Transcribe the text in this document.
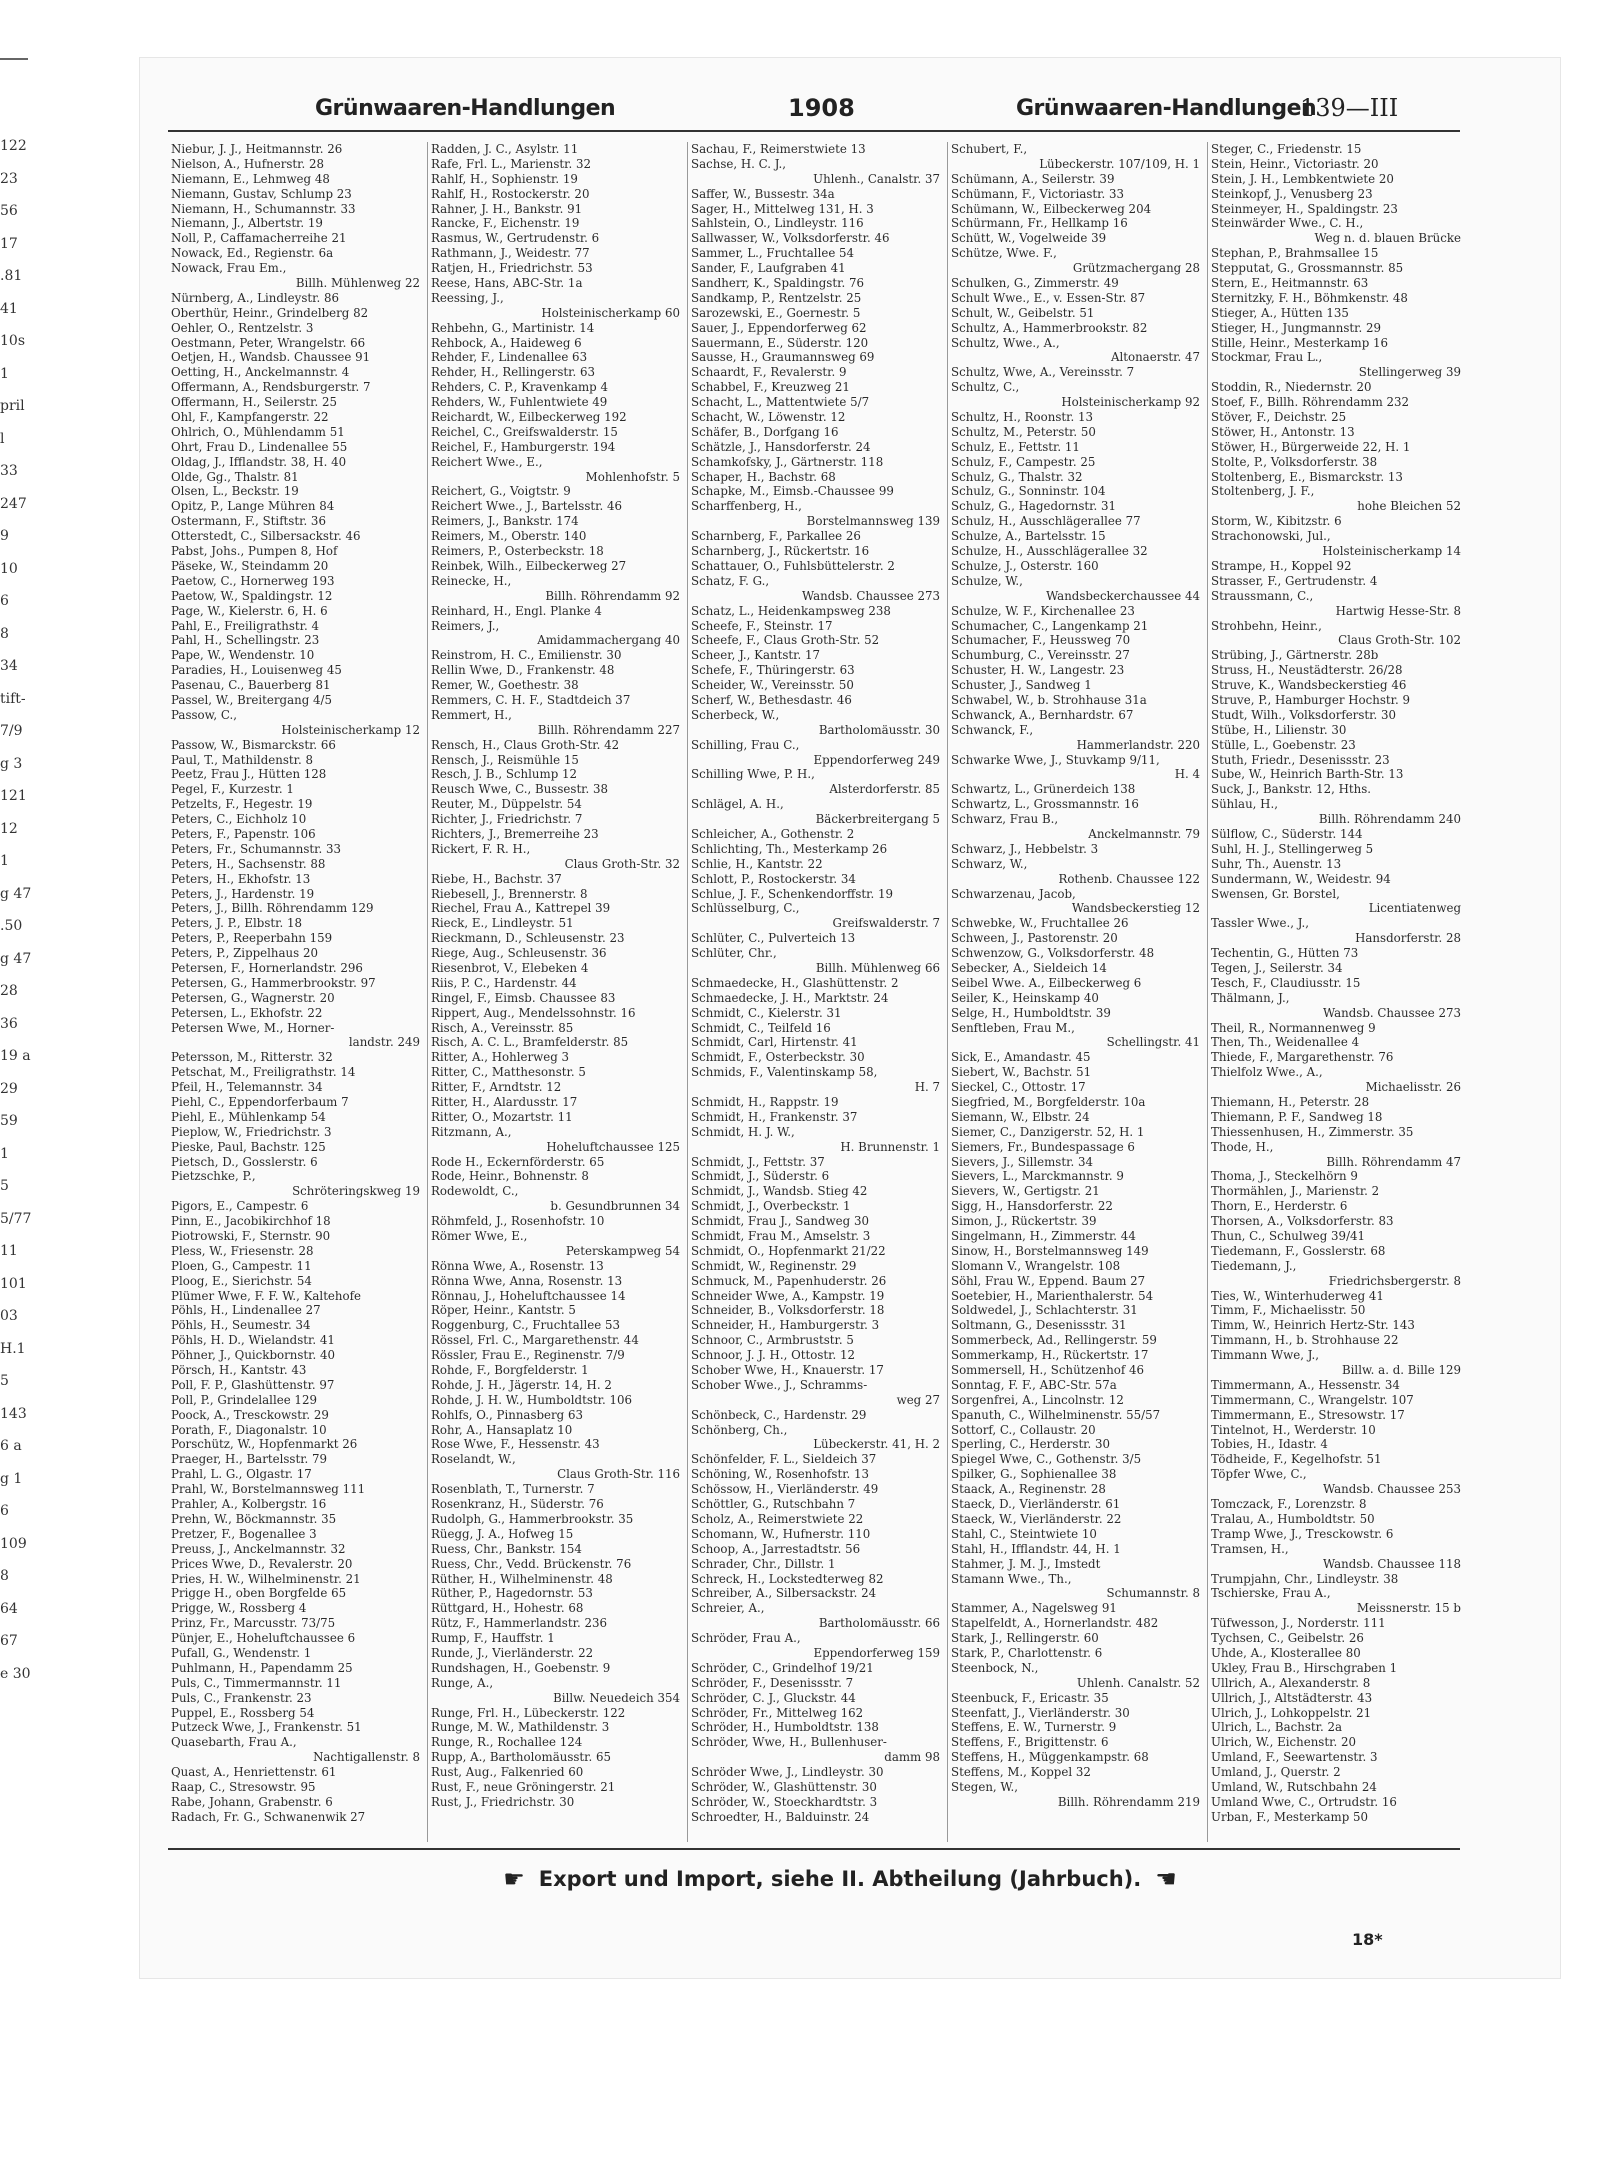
122
23
56
17
.81
41
10s
1
pril
l
33
247
9
10
6
8
34
tift-
7/9
g 3
121
12
1
g 47
.50
g 47
28
36
19 a
29
59
1
5
5/77
11
101
03
H.1
5
143
6 a
g 1
6
109
8
64
67
e 30
Grünwaaren-Handlungen	1908	Grünwaaren-Handlungen
139—III
Niebur, J. J., Heitmannstr. 26
Nielson, A., Hufnerstr. 28
Niemann, E., Lehmweg 48
Niemann, Gustav, Schlump 23
Niemann, H., Schumannstr. 33
Niemann, J., Albertstr. 19
Noll, P., Caffamacherreihe 21
Nowack, Ed., Regienstr. 6a
Nowack, Frau Em.,
Billh. Mühlenweg 22
Nürnberg, A., Lindleystr. 86
Oberthür, Heinr., Grindelberg 82
Oehler, O., Rentzelstr. 3
Oestmann, Peter, Wrangelstr. 66
Oetjen, H., Wandsb. Chaussee 91
Oetting, H., Anckelmannstr. 4
Offermann, A., Rendsburgerstr. 7
Offermann, H., Seilerstr. 25
Ohl, F., Kampfangerstr. 22
Ohlrich, O., Mühlendamm 51
Ohrt, Frau D., Lindenallee 55
Oldag, J., Ifflandstr. 38, H. 40
Olde, Gg., Thalstr. 81
Olsen, L., Beckstr. 19
Opitz, P., Lange Mühren 84
Ostermann, F., Stiftstr. 36
Otterstedt, C., Silbersackstr. 46
Pabst, Johs., Pumpen 8, Hof
Päseke, W., Steindamm 20
Paetow, C., Hornerweg 193
Paetow, W., Spaldingstr. 12
Page, W., Kielerstr. 6, H. 6
Pahl, E., Freiligrathstr. 4
Pahl, H., Schellingstr. 23
Pape, W., Wendenstr. 10
Paradies, H., Louisenweg 45
Pasenau, C., Bauerberg 81
Passel, W., Breitergang 4/5
Passow, C.,
Holsteinischerkamp 12
Passow, W., Bismarckstr. 66
Paul, T., Mathildenstr. 8
Peetz, Frau J., Hütten 128
Pegel, F., Kurzestr. 1
Petzelts, F., Hegestr. 19
Peters, C., Eichholz 10
Peters, F., Papenstr. 106
Peters, Fr., Schumannstr. 33
Peters, H., Sachsenstr. 88
Peters, H., Ekhofstr. 13
Peters, J., Hardenstr. 19
Peters, J., Billh. Röhrendamm 129
Peters, J. P., Elbstr. 18
Peters, P., Reeperbahn 159
Peters, P., Zippelhaus 20
Petersen, F., Hornerlandstr. 296
Petersen, G., Hammerbrookstr. 97
Petersen, G., Wagnerstr. 20
Petersen, L., Ekhofstr. 22
Petersen Wwe, M., Horner-
landstr. 249
Petersson, M., Ritterstr. 32
Petschat, M., Freiligrathstr. 14
Pfeil, H., Telemannstr. 34
Piehl, C., Eppendorferbaum 7
Piehl, E., Mühlenkamp 54
Pieplow, W., Friedrichstr. 3
Pieske, Paul, Bachstr. 125
Pietsch, D., Gosslerstr. 6
Pietzschke, P.,
Schröteringskweg 19
Pigors, E., Campestr. 6
Pinn, E., Jacobikirchhof 18
Piotrowski, F., Sternstr. 90
Pless, W., Friesenstr. 28
Ploen, G., Campestr. 11
Ploog, E., Sierichstr. 54
Plümer Wwe, F. F. W., Kaltehofe
Pöhls, H., Lindenallee 27
Pöhls, H., Seumestr. 34
Pöhls, H. D., Wielandstr. 41
Pöhner, J., Quickbornstr. 40
Pörsch, H., Kantstr. 43
Poll, F. P., Glashüttenstr. 97
Poll, P., Grindelallee 129
Poock, A., Tresckowstr. 29
Porath, F., Diagonalstr. 10
Porschütz, W., Hopfenmarkt 26
Praeger, H., Bartelsstr. 79
Prahl, L. G., Olgastr. 17
Prahl, W., Borstelmannsweg 111
Prahler, A., Kolbergstr. 16
Prehn, W., Böckmannstr. 35
Pretzer, F., Bogenallee 3
Preuss, J., Anckelmannstr. 32
Prices Wwe, D., Revalerstr. 20
Pries, H. W., Wilhelminenstr. 21
Prigge H., oben Borgfelde 65
Prigge, W., Rossberg 4
Prinz, Fr., Marcusstr. 73/75
Pünjer, E., Hoheluftchaussee 6
Pufall, G., Wendenstr. 1
Puhlmann, H., Papendamm 25
Puls, C., Timmermannstr. 11
Puls, C., Frankenstr. 23
Puppel, E., Rossberg 54
Putzeck Wwe, J., Frankenstr. 51
Quasebarth, Frau A.,
Nachtigallenstr. 8
Quast, A., Henriettenstr. 61
Raap, C., Stresowstr. 95
Rabe, Johann, Grabenstr. 6
Radach, Fr. G., Schwanenwik 27
Radden, J. C., Asylstr. 11
Rafe, Frl. L., Marienstr. 32
Rahlf, H., Sophienstr. 19
Rahlf, H., Rostockerstr. 20
Rahner, J. H., Bankstr. 91
Rancke, F., Eichenstr. 19
Rasmus, W., Gertrudenstr. 6
Rathmann, J., Weidestr. 77
Ratjen, H., Friedrichstr. 53
Reese, Hans, ABC-Str. 1a
Reessing, J.,
Holsteinischerkamp 60
Rehbehn, G., Martinistr. 14
Rehbock, A., Haideweg 6
Rehder, F., Lindenallee 63
Rehder, H., Rellingerstr. 63
Rehders, C. P., Kravenkamp 4
Rehders, W., Fuhlentwiete 49
Reichardt, W., Eilbeckerweg 192
Reichel, C., Greifswalderstr. 15
Reichel, F., Hamburgerstr. 194
Reichert Wwe., E.,
Mohlenhofstr. 5
Reichert, G., Voigtstr. 9
Reichert Wwe., J., Bartelsstr. 46
Reimers, J., Bankstr. 174
Reimers, M., Oberstr. 140
Reimers, P., Osterbeckstr. 18
Reinbek, Wilh., Eilbeckerweg 27
Reinecke, H.,
Billh. Röhrendamm 92
Reinhard, H., Engl. Planke 4
Reimers, J.,
Amidammachergang 40
Reinstrom, H. C., Emilienstr. 30
Rellin Wwe, D., Frankenstr. 48
Remer, W., Goethestr. 38
Remmers, C. H. F., Stadtdeich 37
Remmert, H.,
Billh. Röhrendamm 227
Rensch, H., Claus Groth-Str. 42
Rensch, J., Reismühle 15
Resch, J. B., Schlump 12
Reusch Wwe, C., Bussestr. 38
Reuter, M., Düppelstr. 54
Richter, J., Friedrichstr. 7
Richters, J., Bremerreihe 23
Rickert, F. R. H.,
Claus Groth-Str. 32
Riebe, H., Bachstr. 37
Riebesell, J., Brennerstr. 8
Riechel, Frau A., Kattrepel 39
Rieck, E., Lindleystr. 51
Rieckmann, D., Schleusenstr. 23
Riege, Aug., Schleusenstr. 36
Riesenbrot, V., Elebeken 4
Riis, P. C., Hardenstr. 44
Ringel, F., Eimsb. Chaussee 83
Rippert, Aug., Mendelssohnstr. 16
Risch, A., Vereinsstr. 85
Risch, A. C. L., Bramfelderstr. 85
Ritter, A., Hohlerweg 3
Ritter, C., Matthesonstr. 5
Ritter, F., Arndtstr. 12
Ritter, H., Alardusstr. 17
Ritter, O., Mozartstr. 11
Ritzmann, A.,
Hoheluftchaussee 125
Rode H., Eckernförderstr. 65
Rode, Heinr., Bohnenstr. 8
Rodewoldt, C.,
b. Gesundbrunnen 34
Röhmfeld, J., Rosenhofstr. 10
Römer Wwe, E.,
Peterskampweg 54
Rönna Wwe, A., Rosenstr. 13
Rönna Wwe, Anna, Rosenstr. 13
Rönnau, J., Hoheluftchaussee 14
Röper, Heinr., Kantstr. 5
Roggenburg, C., Fruchtallee 53
Rössel, Frl. C., Margarethenstr. 44
Rössler, Frau E., Reginenstr. 7/9
Rohde, F., Borgfelderstr. 1
Rohde, J. H., Jägerstr. 14, H. 2
Rohde, J. H. W., Humboldtstr. 106
Rohlfs, O., Pinnasberg 63
Rohr, A., Hansaplatz 10
Rose Wwe, F., Hessenstr. 43
Roselandt, W.,
Claus Groth-Str. 116
Rosenblath, T., Turnerstr. 7
Rosenkranz, H., Süderstr. 76
Rudolph, G., Hammerbrookstr. 35
Rüegg, J. A., Hofweg 15
Ruess, Chr., Bankstr. 154
Ruess, Chr., Vedd. Brückenstr. 76
Rüther, H., Wilhelminenstr. 48
Rüther, P., Hagedornstr. 53
Rüttgard, H., Hohestr. 68
Rütz, F., Hammerlandstr. 236
Rump, F., Hauffstr. 1
Runde, J., Vierländerstr. 22
Rundshagen, H., Goebenstr. 9
Runge, A.,
Billw. Neuedeich 354
Runge, Frl. H., Lübeckerstr. 122
Runge, M. W., Mathildenstr. 3
Runge, R., Rochallee 124
Rupp, A., Bartholomäusstr. 65
Rust, Aug., Falkenried 60
Rust, F., neue Gröningerstr. 21
Rust, J., Friedrichstr. 30
Sachau, F., Reimerstwiete 13
Sachse, H. C. J.,
Uhlenh., Canalstr. 37
Saffer, W., Bussestr. 34a
Sager, H., Mittelweg 131, H. 3
Sahlstein, O., Lindleystr. 116
Sallwasser, W., Volksdorferstr. 46
Sammer, L., Fruchtallee 54
Sander, F., Laufgraben 41
Sandherr, K., Spaldingstr. 76
Sandkamp, P., Rentzelstr. 25
Sarozewski, E., Goernestr. 5
Sauer, J., Eppendorferweg 62
Sauermann, E., Süderstr. 120
Sausse, H., Graumannsweg 69
Schaardt, F., Revalerstr. 9
Schabbel, F., Kreuzweg 21
Schacht, L., Mattentwiete 5/7
Schacht, W., Löwenstr. 12
Schäfer, B., Dorfgang 16
Schätzle, J., Hansdorferstr. 24
Schamkofsky, J., Gärtnerstr. 118
Schaper, H., Bachstr. 68
Schapke, M., Eimsb.-Chaussee 99
Scharffenberg, H.,
Borstelmannsweg 139
Scharnberg, F., Parkallee 26
Scharnberg, J., Rückertstr. 16
Schattauer, O., Fuhlsbüttelerstr. 2
Schatz, F. G.,
Wandsb. Chaussee 273
Schatz, L., Heidenkampsweg 238
Scheefe, F., Steinstr. 17
Scheefe, F., Claus Groth-Str. 52
Scheer, J., Kantstr. 17
Schefe, F., Thüringerstr. 63
Scheider, W., Vereinsstr. 50
Scherf, W., Bethesdastr. 46
Scherbeck, W.,
Bartholomäusstr. 30
Schilling, Frau C.,
Eppendorferweg 249
Schilling Wwe, P. H.,
Alsterdorferstr. 85
Schlägel, A. H.,
Bäckerbreitergang 5
Schleicher, A., Gothenstr. 2
Schlichting, Th., Mesterkamp 26
Schlie, H., Kantstr. 22
Schlott, P., Rostockerstr. 34
Schlue, J. F., Schenkendorffstr. 19
Schlüsselburg, C.,
Greifswalderstr. 7
Schlüter, C., Pulverteich 13
Schlüter, Chr.,
Billh. Mühlenweg 66
Schmaedecke, H., Glashüttenstr. 2
Schmaedecke, J. H., Marktstr. 24
Schmidt, C., Kielerstr. 31
Schmidt, C., Teilfeld 16
Schmidt, Carl, Hirtenstr. 41
Schmidt, F., Osterbeckstr. 30
Schmids, F., Valentinskamp 58,
H. 7
Schmidt, H., Rappstr. 19
Schmidt, H., Frankenstr. 37
Schmidt, H. J. W.,
H. Brunnenstr. 1
Schmidt, J., Fettstr. 37
Schmidt, J., Süderstr. 6
Schmidt, J., Wandsb. Stieg 42
Schmidt, J., Overbeckstr. 1
Schmidt, Frau J., Sandweg 30
Schmidt, Frau M., Amselstr. 3
Schmidt, O., Hopfenmarkt 21/22
Schmidt, W., Reginenstr. 29
Schmuck, M., Papenhuderstr. 26
Schneider Wwe, A., Kampstr. 19
Schneider, B., Volksdorferstr. 18
Schneider, H., Hamburgerstr. 3
Schnoor, C., Armbruststr. 5
Schnoor, J. J. H., Ottostr. 12
Schober Wwe, H., Knauerstr. 17
Schober Wwe., J., Schramms-
weg 27
Schönbeck, C., Hardenstr. 29
Schönberg, Ch.,
Lübeckerstr. 41, H. 2
Schönfelder, F. L., Sieldeich 37
Schöning, W., Rosenhofstr. 13
Schössow, H., Vierländerstr. 49
Schöttler, G., Rutschbahn 7
Scholz, A., Reimerstwiete 22
Schomann, W., Hufnerstr. 110
Schoop, A., Jarrestadtstr. 56
Schrader, Chr., Dillstr. 1
Schreck, H., Lockstedterweg 82
Schreiber, A., Silbersackstr. 24
Schreier, A.,
Bartholomäusstr. 66
Schröder, Frau A.,
Eppendorferweg 159
Schröder, C., Grindelhof 19/21
Schröder, F., Desenissstr. 7
Schröder, C. J., Gluckstr. 44
Schröder, Fr., Mittelweg 162
Schröder, H., Humboldtstr. 138
Schröder, Wwe, H., Bullenhuser-
damm 98
Schröder Wwe, J., Lindleystr. 30
Schröder, W., Glashüttenstr. 30
Schröder, W., Stoeckhardtstr. 3
Schroedter, H., Balduinstr. 24
Schubert, F.,
Lübeckerstr. 107/109, H. 1
Schümann, A., Seilerstr. 39
Schümann, F., Victoriastr. 33
Schümann, W., Eilbeckerweg 204
Schürmann, Fr., Hellkamp 16
Schütt, W., Vogelweide 39
Schütze, Wwe. F.,
Grützmachergang 28
Schulken, G., Zimmerstr. 49
Schult Wwe., E., v. Essen-Str. 87
Schult, W., Geibelstr. 51
Schultz, A., Hammerbrookstr. 82
Schultz, Wwe., A.,
Altonaerstr. 47
Schultz, Wwe, A., Vereinsstr. 7
Schultz, C.,
Holsteinischerkamp 92
Schultz, H., Roonstr. 13
Schultz, M., Peterstr. 50
Schulz, E., Fettstr. 11
Schulz, F., Campestr. 25
Schulz, G., Thalstr. 32
Schulz, G., Sonninstr. 104
Schulz, G., Hagedornstr. 31
Schulz, H., Ausschlägerallee 77
Schulze, A., Bartelsstr. 15
Schulze, H., Ausschlägerallee 32
Schulze, J., Osterstr. 160
Schulze, W.,
Wandsbeckerchaussee 44
Schulze, W. F., Kirchenallee 23
Schumacher, C., Langenkamp 21
Schumacher, F., Heussweg 70
Schumburg, C., Vereinsstr. 27
Schuster, H. W., Langestr. 23
Schuster, J., Sandweg 1
Schwabel, W., b. Strohhause 31a
Schwanck, A., Bernhardstr. 67
Schwanck, F.,
Hammerlandstr. 220
Schwarke Wwe, J., Stuvkamp 9/11,
H. 4
Schwartz, L., Grünerdeich 138
Schwartz, L., Grossmannstr. 16
Schwarz, Frau B.,
Anckelmannstr. 79
Schwarz, J., Hebbelstr. 3
Schwarz, W.,
Rothenb. Chaussee 122
Schwarzenau, Jacob,
Wandsbeckerstieg 12
Schwebke, W., Fruchtallee 26
Schween, J., Pastorenstr. 20
Schwenzow, G., Volksdorferstr. 48
Sebecker, A., Sieldeich 14
Seibel Wwe. A., Eilbeckerweg 6
Seiler, K., Heinskamp 40
Selge, H., Humboldtstr. 39
Senftleben, Frau M.,
Schellingstr. 41
Sick, E., Amandastr. 45
Siebert, W., Bachstr. 51
Sieckel, C., Ottostr. 17
Siegfried, M., Borgfelderstr. 10a
Siemann, W., Elbstr. 24
Siemer, C., Danzigerstr. 52, H. 1
Siemers, Fr., Bundespassage 6
Sievers, J., Sillemstr. 34
Sievers, L., Marckmannstr. 9
Sievers, W., Gertigstr. 21
Sigg, H., Hansdorferstr. 22
Simon, J., Rückertstr. 39
Singelmann, H., Zimmerstr. 44
Sinow, H., Borstelmannsweg 149
Slomann V., Wrangelstr. 108
Söhl, Frau W., Eppend. Baum 27
Soetebier, H., Marienthalerstr. 54
Soldwedel, J., Schlachterstr. 31
Soltmann, G., Desenissstr. 31
Sommerbeck, Ad., Rellingerstr. 59
Sommerkamp, H., Rückertstr. 17
Sommersell, H., Schützenhof 46
Sonntag, F. F., ABC-Str. 57a
Sorgenfrei, A., Lincolnstr. 12
Spanuth, C., Wilhelminenstr. 55/57
Sottorf, C., Collaustr. 20
Sperling, C., Herderstr. 30
Spiegel Wwe, C., Gothenstr. 3/5
Spilker, G., Sophienallee 38
Staack, A., Reginenstr. 28
Staeck, D., Vierländerstr. 61
Staeck, W., Vierländerstr. 22
Stahl, C., Steintwiete 10
Stahl, H., Ifflandstr. 44, H. 1
Stahmer, J. M. J., Imstedt
Stamann Wwe., Th.,
Schumannstr. 8
Stammer, A., Nagelsweg 91
Stapelfeldt, A., Hornerlandstr. 482
Stark, J., Rellingerstr. 60
Stark, P., Charlottenstr. 6
Steenbock, N.,
Uhlenh. Canalstr. 52
Steenbuck, F., Ericastr. 35
Steenfatt, J., Vierländerstr. 30
Steffens, E. W., Turnerstr. 9
Steffens, F., Brigittenstr. 6
Steffens, H., Müggenkampstr. 68
Steffens, M., Koppel 32
Stegen, W.,
Billh. Röhrendamm 219
Steger, C., Friedenstr. 15
Stein, Heinr., Victoriastr. 20
Stein, J. H., Lembkentwiete 20
Steinkopf, J., Venusberg 23
Steinmeyer, H., Spaldingstr. 23
Steinwärder Wwe., C. H.,
Weg n. d. blauen Brücke
Stephan, P., Brahmsallee 15
Stepputat, G., Grossmannstr. 85
Stern, E., Heitmannstr. 63
Sternitzky, F. H., Böhmkenstr. 48
Stieger, A., Hütten 135
Stieger, H., Jungmannstr. 29
Stille, Heinr., Mesterkamp 16
Stockmar, Frau L.,
Stellingerweg 39
Stoddin, R., Niedernstr. 20
Stoef, F., Billh. Röhrendamm 232
Stöver, F., Deichstr. 25
Stöwer, H., Antonstr. 13
Stöwer, H., Bürgerweide 22, H. 1
Stolte, P., Volksdorferstr. 38
Stoltenberg, E., Bismarckstr. 13
Stoltenberg, J. F.,
hohe Bleichen 52
Storm, W., Kibitzstr. 6
Strachonowski, Jul.,
Holsteinischerkamp 14
Strampe, H., Koppel 92
Strasser, F., Gertrudenstr. 4
Straussmann, C.,
Hartwig Hesse-Str. 8
Strohbehn, Heinr.,
Claus Groth-Str. 102
Strübing, J., Gärtnerstr. 28b
Struss, H., Neustädterstr. 26/28
Struve, K., Wandsbeckerstieg 46
Struve, P., Hamburger Hochstr. 9
Studt, Wilh., Volksdorferstr. 30
Stübe, H., Lilienstr. 30
Stülle, L., Goebenstr. 23
Stuth, Friedr., Desenissstr. 23
Sube, W., Heinrich Barth-Str. 13
Suck, J., Bankstr. 12, Hths.
Sühlau, H.,
Billh. Röhrendamm 240
Sülflow, C., Süderstr. 144
Suhl, H. J., Stellingerweg 5
Suhr, Th., Auenstr. 13
Sundermann, W., Weidestr. 94
Swensen, Gr. Borstel,
Licentiatenweg
Tassler Wwe., J.,
Hansdorferstr. 28
Techentin, G., Hütten 73
Tegen, J., Seilerstr. 34
Tesch, F., Claudiusstr. 15
Thälmann, J.,
Wandsb. Chaussee 273
Theil, R., Normannenweg 9
Then, Th., Weidenallee 4
Thiede, F., Margarethenstr. 76
Thielfolz Wwe., A.,
Michaelisstr. 26
Thiemann, H., Peterstr. 28
Thiemann, P. F., Sandweg 18
Thiessenhusen, H., Zimmerstr. 35
Thode, H.,
Billh. Röhrendamm 47
Thoma, J., Steckelhörn 9
Thormählen, J., Marienstr. 2
Thorn, E., Herderstr. 6
Thorsen, A., Volksdorferstr. 83
Thun, C., Schulweg 39/41
Tiedemann, F., Gosslerstr. 68
Tiedemann, J.,
Friedrichsbergerstr. 8
Ties, W., Winterhuderweg 41
Timm, F., Michaelisstr. 50
Timm, W., Heinrich Hertz-Str. 143
Timmann, H., b. Strohhause 22
Timmann Wwe, J.,
Billw. a. d. Bille 129
Timmermann, A., Hessenstr. 34
Timmermann, C., Wrangelstr. 107
Timmermann, E., Stresowstr. 17
Tintelnot, H., Werderstr. 10
Tobies, H., Idastr. 4
Tödheide, F., Kegelhofstr. 51
Töpfer Wwe, C.,
Wandsb. Chaussee 253
Tomczack, F., Lorenzstr. 8
Tralau, A., Humboldtstr. 50
Tramp Wwe, J., Tresckowstr. 6
Tramsen, H.,
Wandsb. Chaussee 118
Trumpjahn, Chr., Lindleystr. 38
Tschierske, Frau A.,
Meissnerstr. 15 b
Tüfwesson, J., Norderstr. 111
Tychsen, C., Geibelstr. 26
Uhde, A., Klosterallee 80
Ukley, Frau B., Hirschgraben 1
Ullrich, A., Alexanderstr. 8
Ullrich, J., Altstädterstr. 43
Ulrich, J., Lohkoppelstr. 21
Ulrich, L., Bachstr. 2a
Ulrich, W., Eichenstr. 20
Umland, F., Seewartenstr. 3
Umland, J., Querstr. 2
Umland, W., Rutschbahn 24
Umland Wwe, C., Ortrudstr. 16
Urban, F., Mesterkamp 50
☛ Export und Import, siehe II. Abtheilung (Jahrbuch). ☚
18*
